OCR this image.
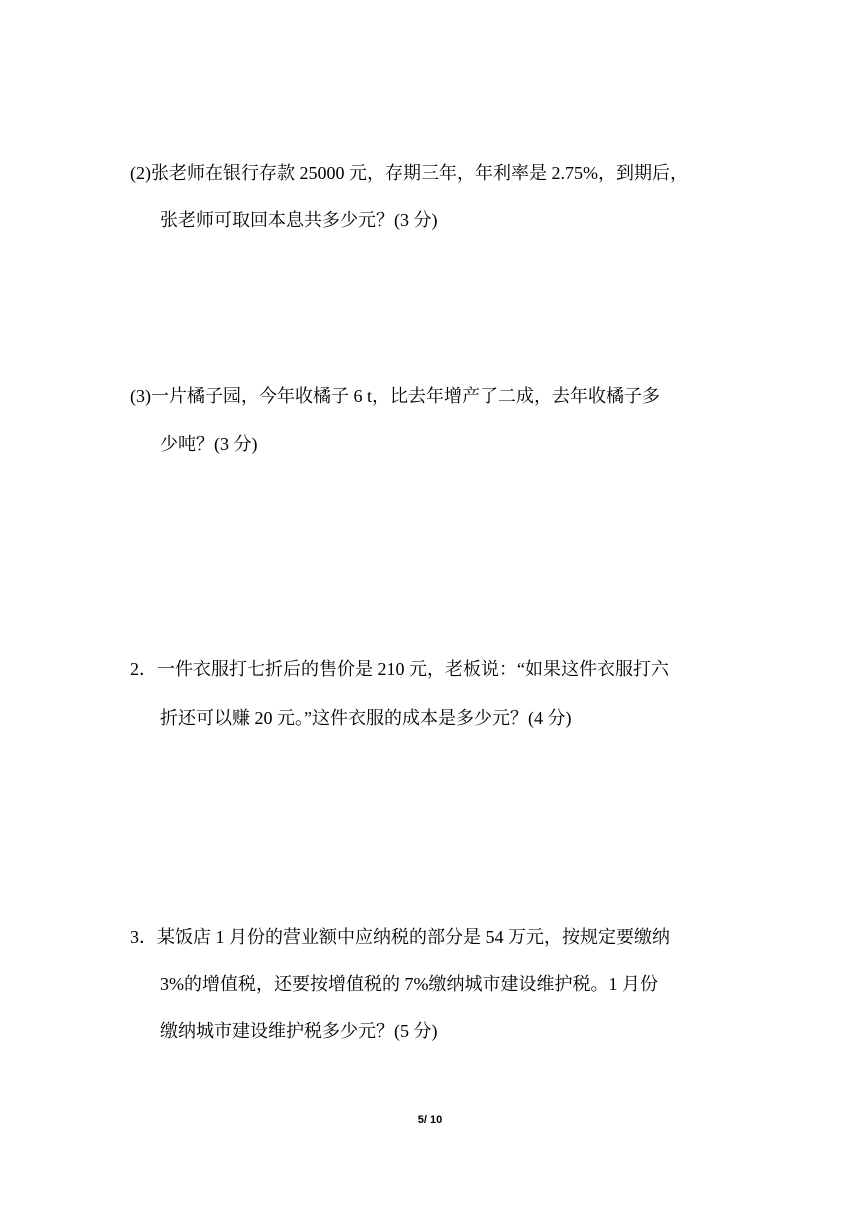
(2)张老师在银行存款 25000 元，存期三年，年利率是 2.75%，到期后，
张老师可取回本息共多少元？(3 分)
(3)一片橘子园，今年收橘子 6 t，比去年增产了二成，去年收橘子多
少吨？(3 分)
2．一件衣服打七折后的售价是 210 元，老板说：“如果这件衣服打六
折还可以赚 20 元。”这件衣服的成本是多少元？(4 分)
3．某饭店 1 月份的营业额中应纳税的部分是 54 万元，按规定要缴纳
3%的增值税，还要按增值税的 7%缴纳城市建设维护税。1 月份
缴纳城市建设维护税多少元？(5 分)
5/ 10
